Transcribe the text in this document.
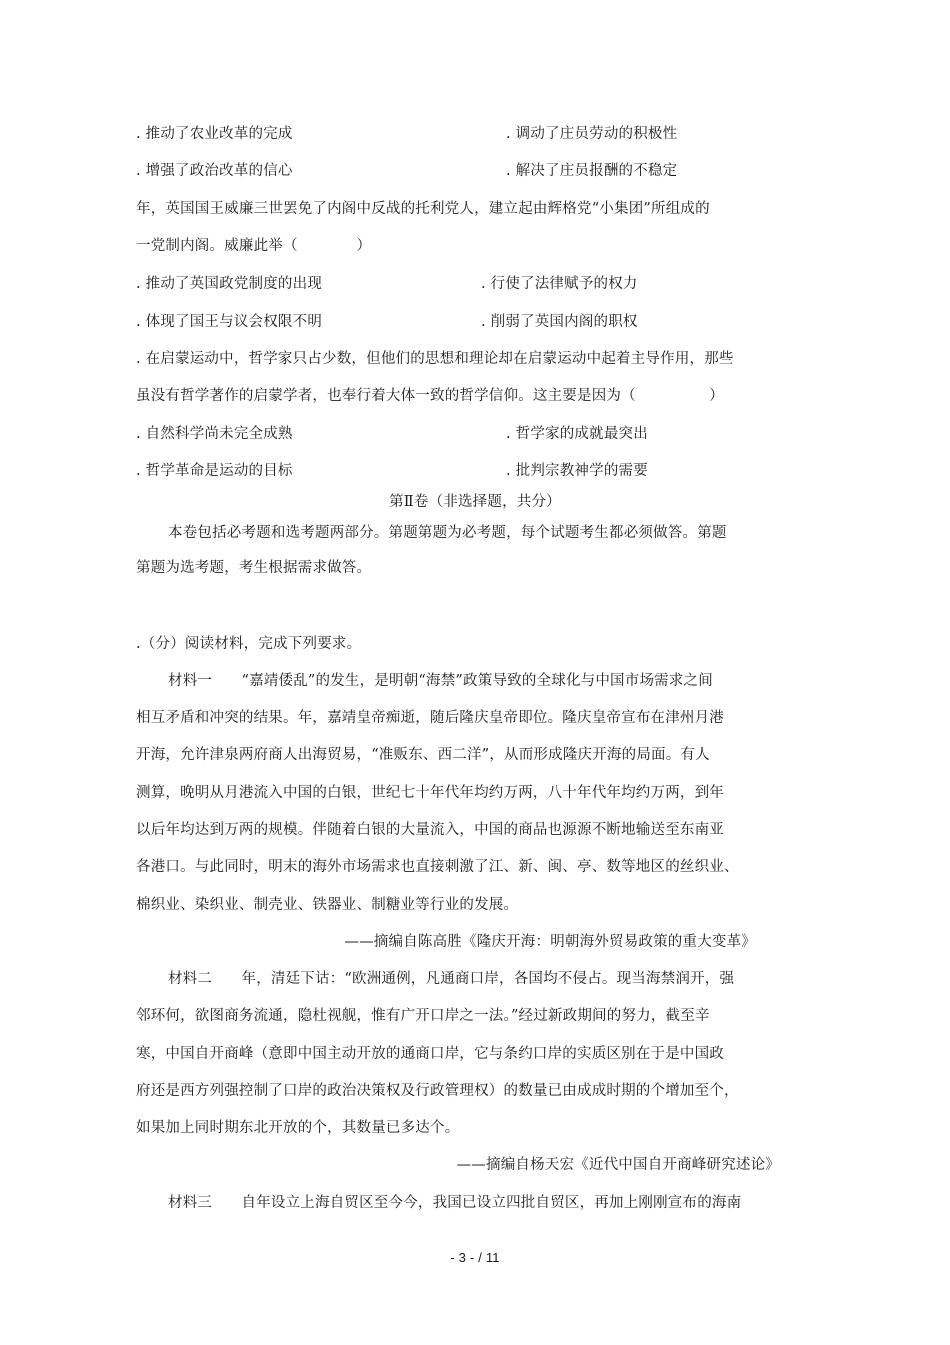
. 推动了农业改革的完成	. 调动了庄员劳动的积极性
. 增强了政治改革的信心	. 解决了庄员报酬的不稳定
年，英国国王威廉三世罢免了内阁中反战的托利党人，建立起由辉格党“小集团”所组成的
一党制内阁。威廉此举（　　　　）
. 推动了英国政党制度的出现	. 行使了法律赋予的权力
. 体现了国王与议会权限不明	. 削弱了英国内阁的职权
. 在启蒙运动中，哲学家只占少数，但他们的思想和理论却在启蒙运动中起着主导作用，那些
虽没有哲学著作的启蒙学者，也奉行着大体一致的哲学信仰。这主要是因为（　　　　　）
. 自然科学尚未完全成熟	. 哲学家的成就最突出
. 哲学革命是运动的目标	. 批判宗教神学的需要
第Ⅱ卷（非选择题，共分）
本卷包括必考题和选考题两部分。第题第题为必考题，每个试题考生都必须做答。第题
第题为选考题，考生根据需求做答。
.（分）阅读材料，完成下列要求。
材料一　　“嘉靖倭乱”的发生，是明朝“海禁”政策导致的全球化与中国市场需求之间
相互矛盾和冲突的结果。年，嘉靖皇帝痴逝，随后隆庆皇帝即位。隆庆皇帝宣布在津州月港
开海，允许津泉两府商人出海贸易，“准贩东、西二洋”，从而形成隆庆开海的局面。有人
测算，晚明从月港流入中国的白银，世纪七十年代年均约万两，八十年代年均约万两，到年
以后年均达到万两的规模。伴随着白银的大量流入，中国的商品也源源不断地输送至东南亚
各港口。与此同时，明末的海外市场需求也直接刺激了江、新、闽、亭、数等地区的丝织业、
棉织业、染织业、制壳业、铁器业、制糖业等行业的发展。
——摘编自陈高胜《隆庆开海：明朝海外贸易政策的重大变革》
材料二　　年，清廷下诂：“欧洲通例，凡通商口岸，各国均不侵占。现当海禁润开，强
邻环何，欲图商务流通，隐杜视舰，惟有广开口岸之一法。”经过新政期间的努力，截至辛
寒，中国自开商峰（意即中国主动开放的通商口岸，它与条约口岸的实质区别在于是中国政
府还是西方列强控制了口岸的政治决策权及行政管理权）的数量已由成成时期的个增加至个，
如果加上同时期东北开放的个，其数量已多达个。
——摘编自杨天宏《近代中国自开商峰研究述论》
材料三　　自年设立上海自贸区至今今，我国已设立四批自贸区，再加上刚刚宣布的海南
- 3 - / 11
